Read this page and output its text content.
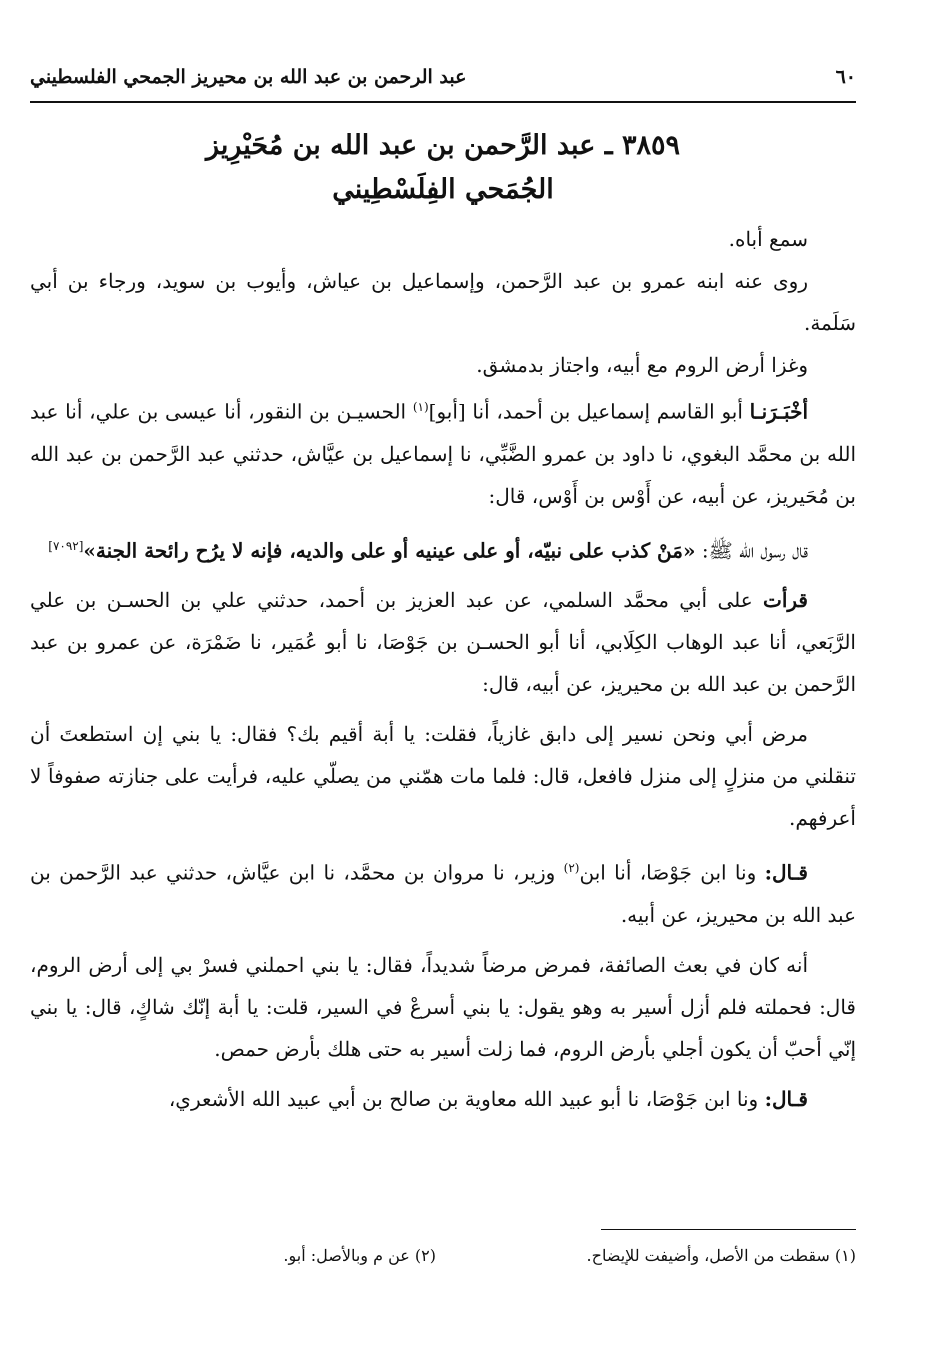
٦٠
عبد الرحمن بن عبد الله بن محيريز الجمحي الفلسطيني
٣٨٥٩ ـ عبد الرَّحمن بن عبد الله بن مُحَيْرِيز
الجُمَحي الفِلَسْطِيني

سمع أباه.

روى عنه ابنه عمرو بن عبد الرَّحمن، وإسماعيل بن عياش، وأيوب بن سويد، ورجاء بن أبي سَلَمة.

وغزا أرض الروم مع أبيه، واجتاز بدمشق.

أخْبَـرَنـا أبو القاسم إسماعيل بن أحمد، أنا [أبو]$^{(١)}$ الحسيـن بن النقور، أنا عيسى بن علي، أنا عبد الله بن محمَّد البغوي، نا داود بن عمرو الضَّبِّي، نا إسماعيل بن عيَّاش، حدثني عبد الرَّحمن بن عبد الله بن مُحَيريز، عن أبيه، عن أَوْس بن أَوْس، قال:

قال رسول الله ﷺ: «مَنْ كذب على نبيّه، أو على عينيه أو على والديه، فإنه لا يرُح رائحة الجنة»[٧٠٩٢]

قرأت على أبي محمَّد السلمي، عن عبد العزيز بن أحمد، حدثني علي بن الحسـن بن علي الرَّبَعي، أنا عبد الوهاب الكِلَابي، أنا أبو الحسـن بن جَوْصَا، نا أبو عُمَير، نا ضَمْرَة، عن عمرو بن عبد الرَّحمن بن عبد الله بن محيريز، عن أبيه، قال:

مرض أبي ونحن نسير إلى دابق غازياً، فقلت: يا أبة أقيم بك؟ فقال: يا بني إن استطعتَ أن تنقلني من منزلٍ إلى منزل فافعل، قال: فلما مات همّني من يصلّي عليه، فرأيت على جنازته صفوفاً لا أعرفهم.

قـال: ونا ابن جَوْصَا، أنا ابن$^{(٢)}$ وزير، نا مروان بن محمَّد، نا ابن عيَّاش، حدثني عبد الرَّحمن بن عبد الله بن محيريز، عن أبيه.

أنه كان في بعث الصائفة، فمرض مرضاً شديداً، فقال: يا بني احملني فسرْ بي إلى أرض الروم، قال: فحملته فلم أزل أسير به وهو يقول: يا بني أسرعْ في السير، قلت: يا أبة إنّك شاكٍ، قال: يا بني إنّي أحبّ أن يكون أجلي بأرض الروم، فما زلت أسير به حتى هلك بأرض حمص.

قـال: ونا ابن جَوْصَا، نا أبو عبيد الله معاوية بن صالح بن أبي عبيد الله الأشعري،

(١) سقطت من الأصل، وأضيفت للإيضاح.
(٢) عن م وبالأصل: أبو.
